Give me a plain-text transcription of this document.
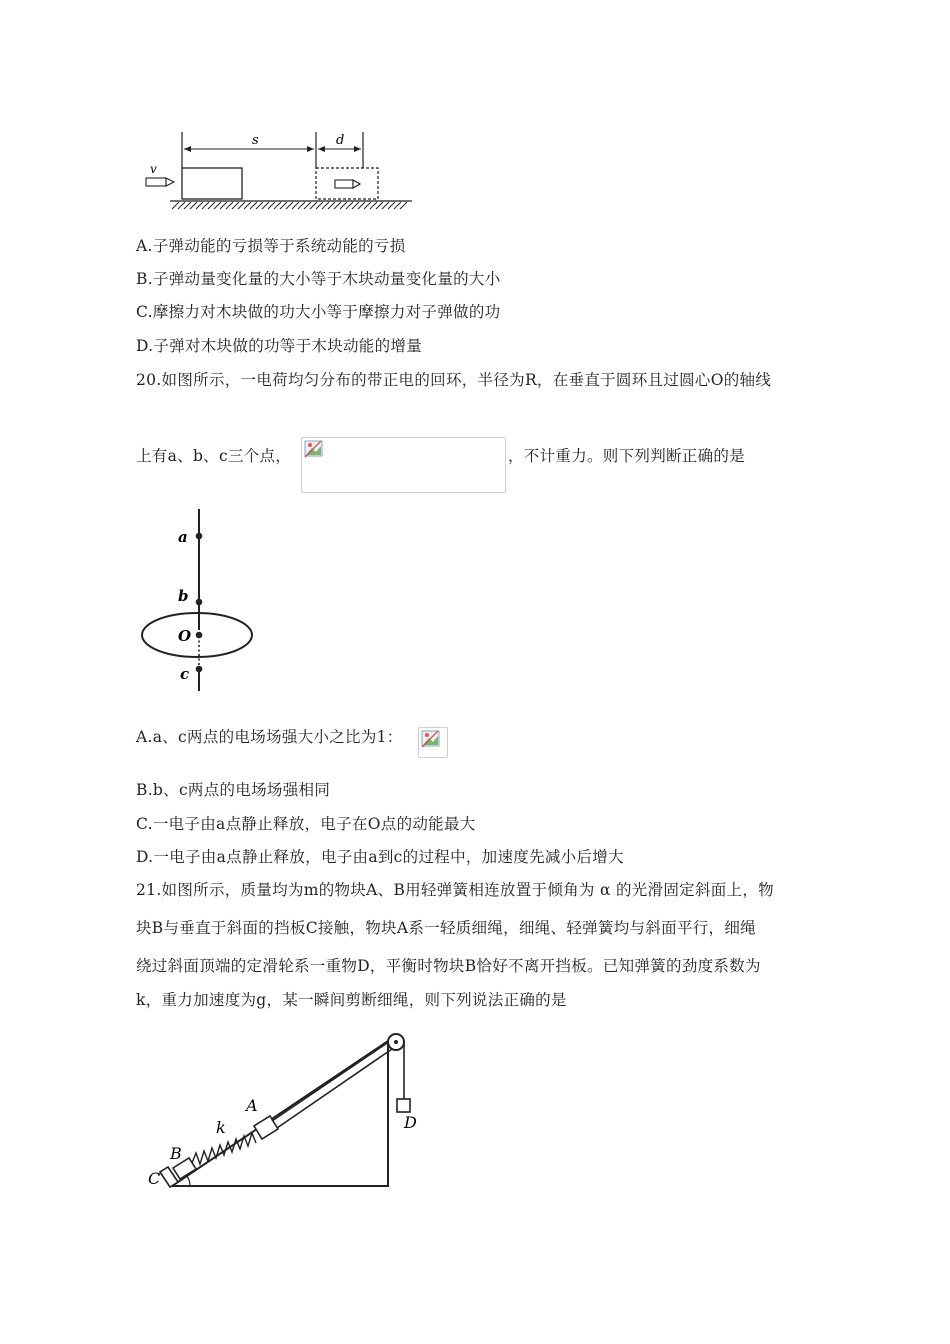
s	d
v
A.子弹动能的亏损等于系统动能的亏损
B.子弹动量变化量的大小等于木块动量变化量的大小
C.摩擦力对木块做的功大小等于摩擦力对子弹做的功
D.子弹对木块做的功等于木块动能的增量
20.如图所示，一电荷均匀分布的带正电的回环，半径为R，在垂直于圆环且过圆心O的轴线
上有a、b、c三个点，	，不计重力。则下列判断正确的是
a
b
O
c
A.a、c两点的电场场强大小之比为1：
B.b、c两点的电场场强相同
C.一电子由a点静止释放，电子在O点的动能最大
D.一电子由a点静止释放，电子由a到c的过程中，加速度先减小后增大
21.如图所示，质量均为m的物块A、B用轻弹簧相连放置于倾角为 α 的光滑固定斜面上，物
块B与垂直于斜面的挡板C接触，物块A系一轻质细绳，细绳、轻弹簧均与斜面平行，细绳
绕过斜面顶端的定滑轮系一重物D，平衡时物块B恰好不离开挡板。已知弹簧的劲度系数为
k，重力加速度为g，某一瞬间剪断细绳，则下列说法正确的是
A
k
B
C
D
